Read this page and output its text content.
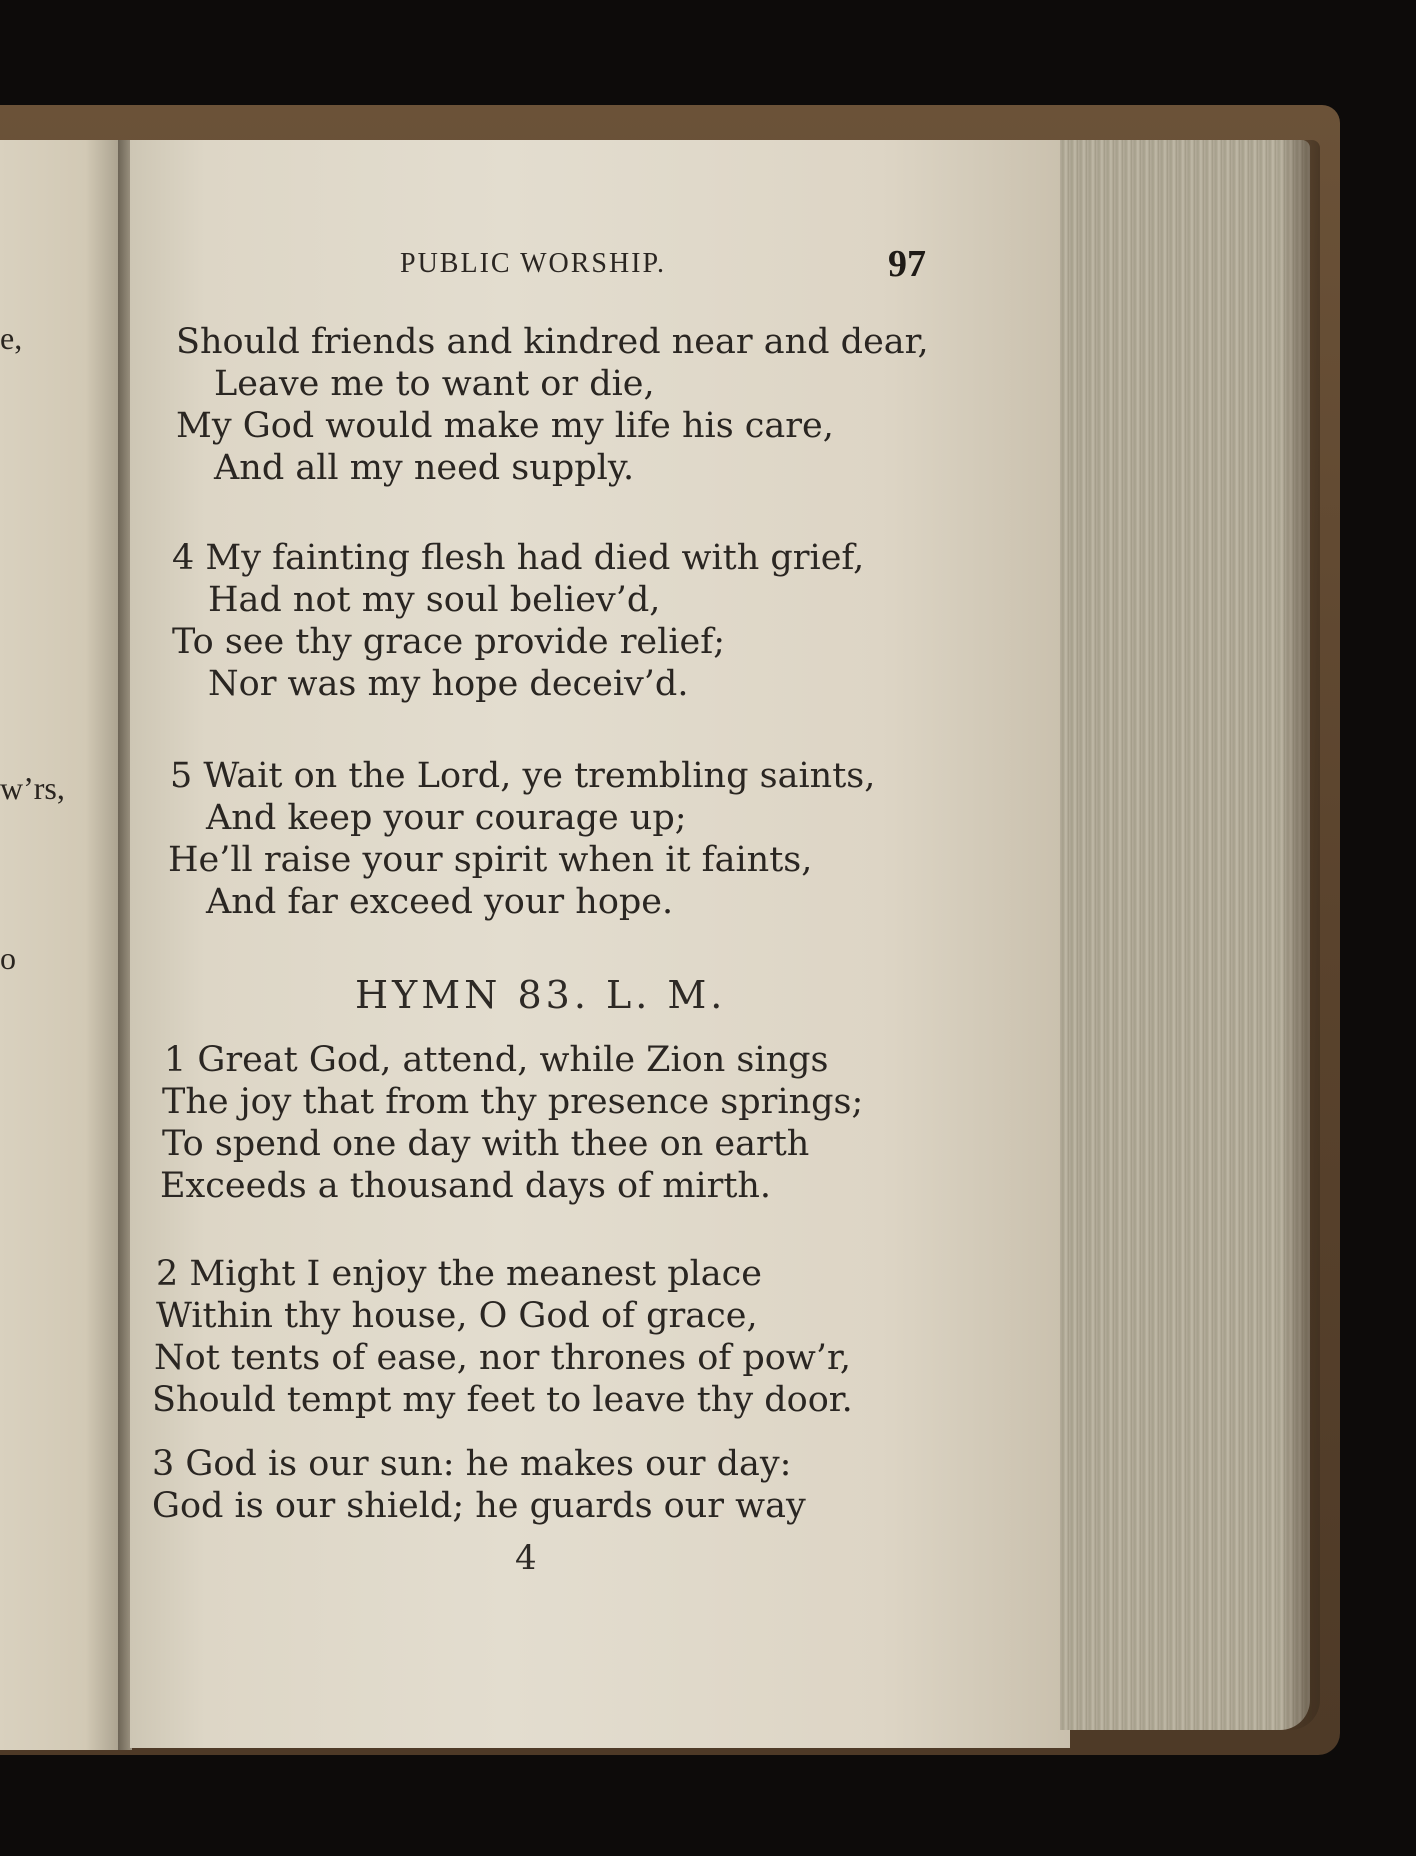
e,
w’rs,
o
PUBLIC WORSHIP.	97
Should friends and kindred near and dear,
Leave me to want or die,
My God would make my life his care,
And all my need supply.
4 My fainting flesh had died with grief,
Had not my soul believ’d,
To see thy grace provide relief;
Nor was my hope deceiv’d.
5 Wait on the Lord, ye trembling saints,
And keep your courage up;
He’ll raise your spirit when it faints,
And far exceed your hope.
HYMN 83. L. M.
1 Great God, attend, while Zion sings
The joy that from thy presence springs;
To spend one day with thee on earth
Exceeds a thousand days of mirth.
2 Might I enjoy the meanest place
Within thy house, O God of grace,
Not tents of ease, nor thrones of pow’r,
Should tempt my feet to leave thy door.
3 God is our sun: he makes our day:
God is our shield; he guards our way
4
